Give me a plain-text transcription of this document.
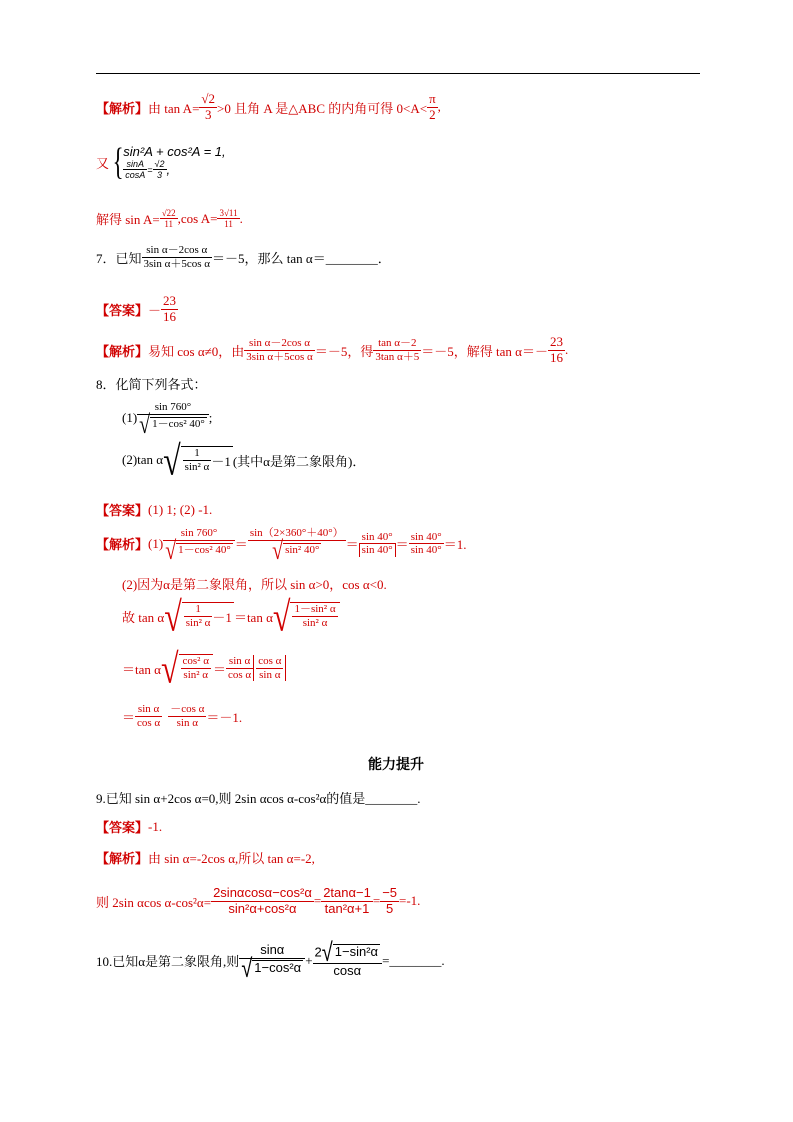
【解析】 由 $\tan A= \frac{√2}{3} >0$ 且角 A 是△ABC 的内角可得 $0<A< \frac{\pi}{2}$ ,
又 { sin²A + cos²A = 1,
$\frac{\sin A}{\cos A} = \frac{√2}{3}$ ,
解得 $\sin A= \frac{√22}{11} ,\cos$ $A= \frac{3√11}{11}$ .
7．已知 $\frac{\text{sin α－2cos α}}{\text{3sin α＋5cos α}} =-5$，那么 tan α＝________．
【答案】 － $\frac{23}{16}$
【解析】 易知 cos α≠0，由 $\frac{\text{sin α－2cos α}}{\text{3sin α＋5cos α}} =-5$，得 $\frac{\text{tan α－2}}{\text{3tan α＋5}} =-5$，解得 $\tan \alpha=- \frac{23}{16}$ .
8．化简下列各式：
$(1) \frac{\sin 760^\circ}{\text{√ 1－cos² 40°}}$ ;
(2)tan α √ $\frac{1}{\text{sin² α}} -1$ (其中α是第二象限角)．
【答案】 (1) 1; (2) -1.
【解析】 $(1) \frac{\sin 760^\circ}{\text{√ 1－cos² 40°}} = \frac{\sin(2\times 360^\circ+40^\circ)}{\text{√ sin² 40°}} = \frac{\sin 40^\circ}{\sin 40^\circ} = \frac{\sin 40^\circ}{\sin 40^\circ} =1$.
(2)因为α是第二象限角，所以 sin α>0，cos α<0.
故 tan α √ $\frac{1}{\text{sin² α}} -1 =\tan$ α √ $\frac{\text{1－sin² α}}{\text{sin² α}}$
＝tan α √ $\frac{\text{cos² α}}{\text{sin² α}} = \frac{\text{sin α}}{\text{cos α}} \frac{\text{cos α}}{\text{sin α}}$
＝ $\frac{\text{sin α}}{\text{cos α}} \frac{\text{－cos α}}{\text{sin α}} =-1$.
能力提升
9.已知 sin α+2cos α=0,则 2sin αcos α-cos²α的值是________.
【答案】 -1.
【解析】 由 sin α=-2cos α,所以 tan α=-2,
则 2sin αcos $\alpha-\cos^2\alpha= \frac{\text{2sinαcosα−cos²α}}{\text{sin²α+cos²α}} = \frac{2\tan\alpha-1}{\text{tan²α+1}} = \frac{-5}{5} =-1$.
10.已知α是第二象限角,则 $\frac{\sin\alpha}{\text{√ 1−cos²α}} + \frac{\text{2√ 1−sin²α}}{\cos\alpha}$ =________.
